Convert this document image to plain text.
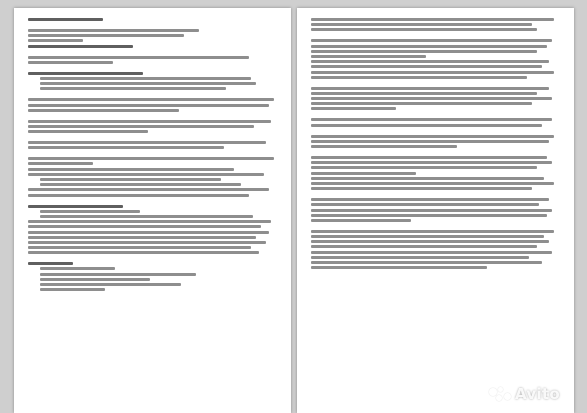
Avito
